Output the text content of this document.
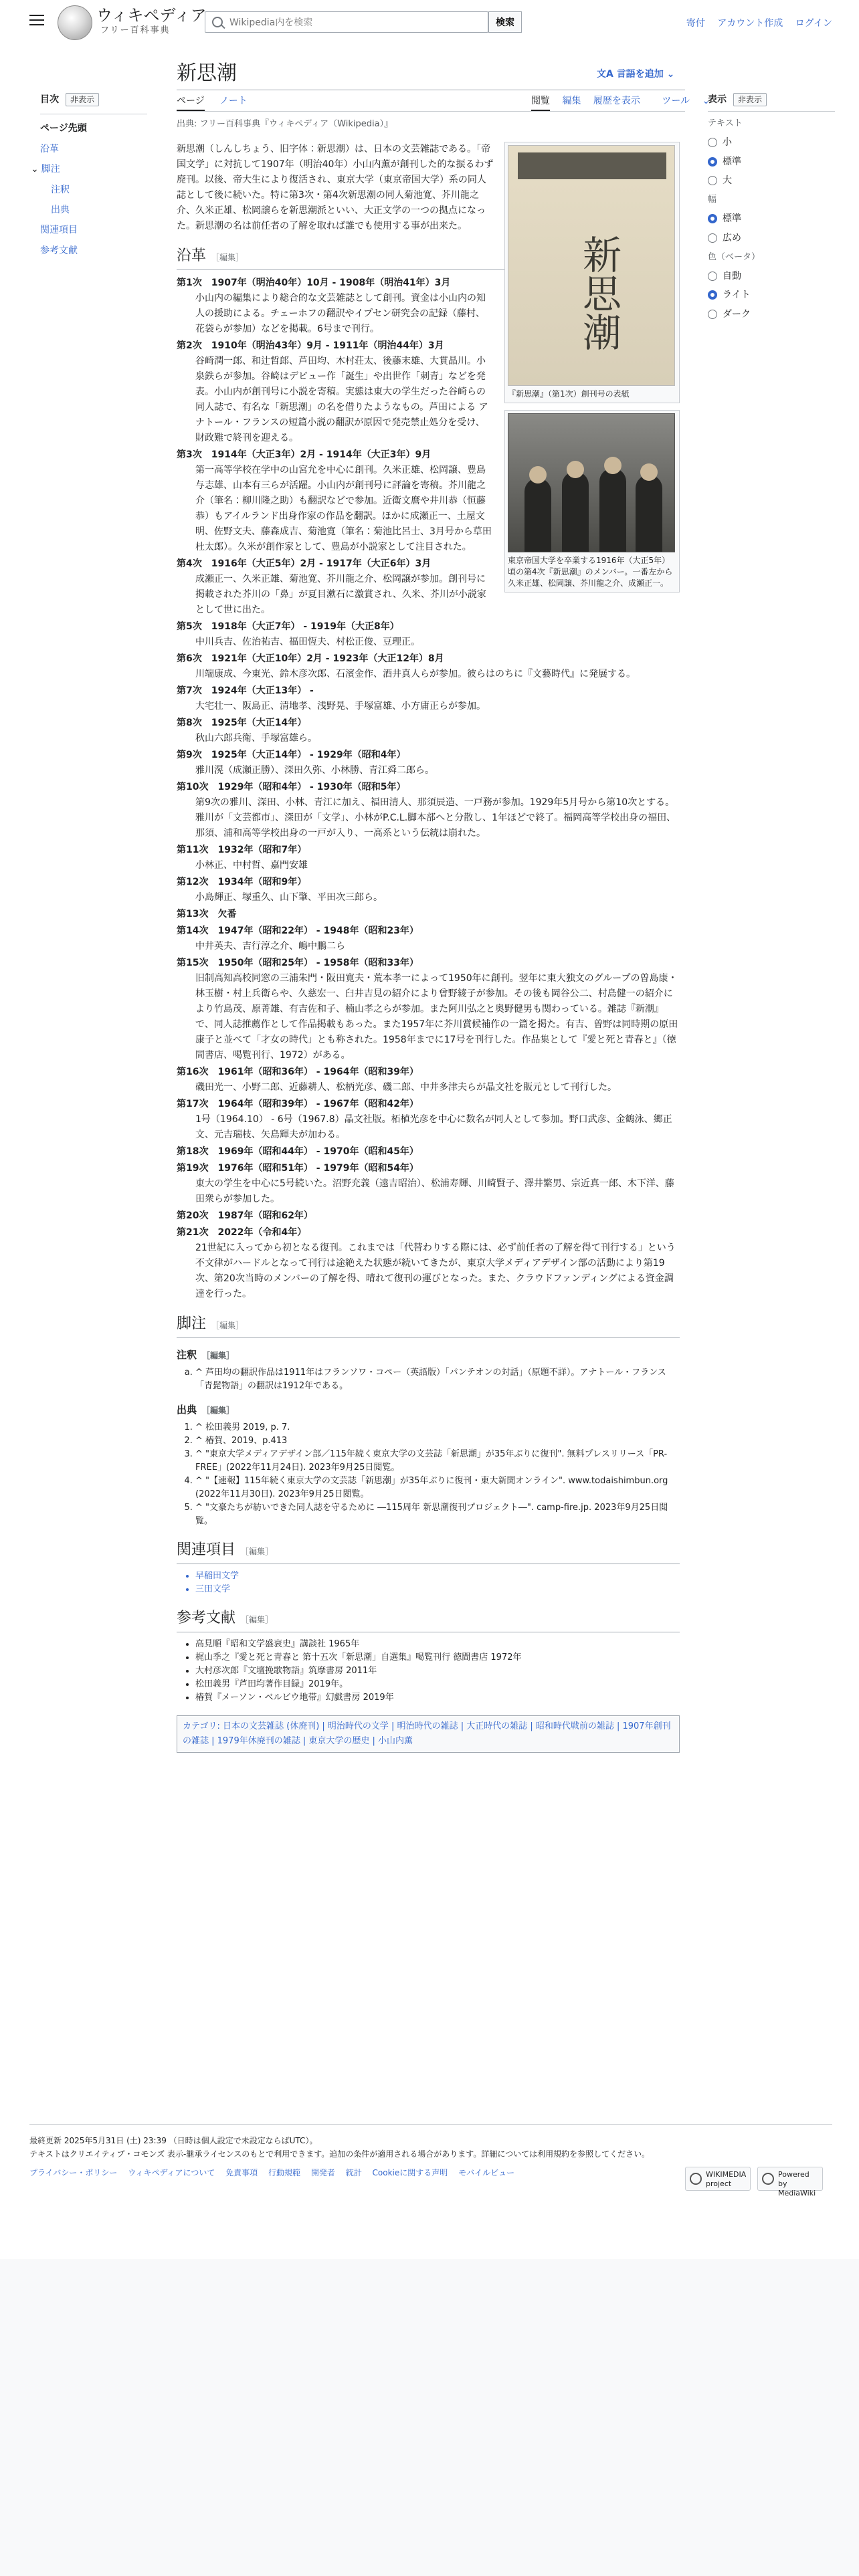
ウィキペディア
フリー百科事典
Wikipedia内を検索
検索	寄付 アカウント作成 ログイン
目次 非表示
ページ先頭
沿革
⌄ 脚注
注釈
出典
関連項目
参考文献
新思潮	文A 言語を追加 ⌄
ページ ノート	閲覧 編集 履歴を表示 ツール ⌄
出典: フリー百科事典『ウィキペディア（Wikipedia）』
表示 非表示
テキスト
小
標準
大
幅
標準
広め
色（ベータ）
自動
ライト
ダーク
新思潮
『新思潮』（第1次）創刊号の表紙
東京帝国大学を卒業する1916年（大正5年）頃の第4次『新思潮』のメンバー。一番左から久米正雄、松岡譲、芥川龍之介、成瀬正一。

新思潮（しんしちょう、旧字体：新思潮）は、日本の文芸雑誌である。「帝国文学」に対抗して1907年（明治40年）小山内薫が創刊した的な振るわず廃刊。以後、帝大生により復活され、東京大学（東京帝国大学）系の同人誌として後に続いた。特に第3次・第4次新思潮の同人菊池寛、芥川龍之介、久米正雄、松岡譲らを新思潮派といい、大正文学の一つの拠点になった。新思潮の名は前任者の了解を取れば誰でも使用する事が出来た。

沿革 ［編集］
第1次　1907年（明治40年）10月 - 1908年（明治41年）3月
小山内の編集により総合的な文芸雑誌として創刊。資金は小山内の知人の援助による。チェーホフの翻訳やイプセン研究会の記録（藤村、花袋らが参加）などを掲載。6号まで刊行。
第2次　1910年（明治43年）9月 - 1911年（明治44年）3月
谷崎潤一郎、和辻哲郎、芦田均、木村荘太、後藤末雄、大貫晶川。小泉鉄らが参加。谷崎はデビュー作「誕生」や出世作「刺青」などを発表。小山内が創刊号に小説を寄稿。実態は東大の学生だった谷崎らの同人誌で、有名な「新思潮」の名を借りたようなもの。芦田による アナトール・フランスの短篇小説の翻訳が原因で発売禁止処分を受け、財政難で終刊を迎える。
第3次　1914年（大正3年）2月 - 1914年（大正3年）9月
第一高等学校在学中の山宮允を中心に創刊。久米正雄、松岡譲、豊島与志雄、山本有三らが活躍。小山内が創刊号に評論を寄稿。芥川龍之介（筆名：柳川隆之助）も翻訳などで参加。近衛文麿や井川恭（恒藤恭）もアイルランド出身作家の作品を翻訳。ほかに成瀬正一、土屋文明、佐野文夫、藤森成吉、菊池寛（筆名：菊池比呂士、3月号から草田杜太郎）。久米が創作家として、豊島が小説家として注目された。
第4次　1916年（大正5年）2月 - 1917年（大正6年）3月
成瀬正一、久米正雄、菊池寛、芥川龍之介、松岡譲が参加。創刊号に掲載された芥川の「鼻」が夏目漱石に激賞され、久米、芥川が小説家として世に出た。
第5次　1918年（大正7年） - 1919年（大正8年）
中川兵吉、佐治祐吉、福田恆夫、村松正俊、豆理正。
第6次　1921年（大正10年）2月 - 1923年（大正12年）8月
川端康成、今東光、鈴木彦次郎、石濱金作、酒井真人らが参加。彼らはのちに『文藝時代』に発展する。
第7次　1924年（大正13年） -
大宅壮一、阪島正、清地孝、浅野晃、手塚富雄、小方庸正らが参加。
第8次　1925年（大正14年）
秋山六郎兵衛、手塚富雄ら。
第9次　1925年（大正14年） - 1929年（昭和4年）
雅川滉（成瀬正勝）、深田久弥、小林勝、青江舜二郎ら。
第10次　1929年（昭和4年） - 1930年（昭和5年）
第9次の雅川、深田、小林、青江に加え、福田清人、那須辰造、一戸務が参加。1929年5月号から第10次とする。雅川が「文芸都市」、深田が「文学」、小林がP.C.L.脚本部へと分散し、1年ほどで終了。福岡高等学校出身の福田、那須、浦和高等学校出身の一戸が入り、一高系という伝統は崩れた。
第11次　1932年（昭和7年）
小林正、中村哲、嘉門安雄
第12次　1934年（昭和9年）
小島輝正、塚重久、山下肇、平田次三郎ら。
第13次　欠番
第14次　1947年（昭和22年） - 1948年（昭和23年）
中井英夫、吉行淳之介、嶋中鵬二ら
第15次　1950年（昭和25年） - 1958年（昭和33年）
旧制高知高校同窓の三浦朱門・阪田寛夫・荒本孝一によって1950年に創刊。翌年に東大独文のグループの曽島康・林玉樹・村上兵衛らや、久慈宏一、臼井吉見の紹介により曾野綾子が参加。その後も岡谷公二、村島健一の紹介により竹島茂、原菁雄、有吉佐和子、楠山孝之らが参加。また阿川弘之と奥野健男も関わっている。雑誌『新潮』で、同人誌推薦作として作品掲載もあった。また1957年に芥川賞候補作の一篇を掲た。有吉、曽野は同時期の原田康子と並べて「才女の時代」とも称された。1958年までに17号を刊行した。作品集として『愛と死と青春と』（徳間書店、喝覧刊行、1972）がある。
第16次　1961年（昭和36年） - 1964年（昭和39年）
磯田光一、小野二郎、近藤耕人、松柄光彦、磯二郎、中井多津夫らが晶文社を販元として刊行した。
第17次　1964年（昭和39年） - 1967年（昭和42年）
1号（1964.10） - 6号（1967.8）晶文社版。柘植光彦を中心に数名が同人として参加。野口武彦、金鶴泳、郷正文、元吉瑞枝、矢島輝夫が加わる。
第18次　1969年（昭和44年） - 1970年（昭和45年）
第19次　1976年（昭和51年） - 1979年（昭和54年）
東大の学生を中心に5号続いた。沼野充義（遠吉昭治）、松浦寿輝、川崎賢子、澤井繁男、宗近真一郎、木下洋、藤田衆らが参加した。
第20次　1987年（昭和62年）
第21次　2022年（令和4年）
21世紀に入ってから初となる復刊。これまでは「代替わりする際には、必ず前任者の了解を得て刊行する」という不文律がハードルとなって刊行は途絶えた状態が続いてきたが、東京大学メディアデザイン部の活動により第19次、第20次当時のメンバーの了解を得、晴れて復刊の運びとなった。また、クラウドファンディングによる資金調達を行った。
脚注 ［編集］
注釈 ［編集］
a. ^ 芦田均の翻訳作品は1911年はフランソワ・コペー（英語版）「パンテオンの対話」（原題不詳）。アナトール・フランス「青髭物語」の翻訳は1912年である。
出典 ［編集］
1. ^ 松田義男 2019, p. 7.
2. ^ 椿賀、2019、p.413
3. ^ "東京大学メディアデザイン部／115年続く東京大学の文芸誌「新思潮」が35年ぶりに復刊". 無料プレスリリース「PR-FREE」(2022年11月24日). 2023年9月25日閲覧。
4. ^ "【速報】115年続く東京大学の文芸誌「新思潮」が35年ぶりに復刊・東大新聞オンライン". www.todaishimbun.org (2022年11月30日). 2023年9月25日閲覧。
5. ^ "文豪たちが紡いできた同人誌を守るために ―115周年 新思潮復刊プロジェクト―". camp-fire.jp. 2023年9月25日閲覧。
関連項目 ［編集］
• 早稲田文学
• 三田文学
参考文献 ［編集］
• 高見順『昭和文学盛衰史』講談社 1965年
• 梶山季之『愛と死と青春と 第十五次「新思潮」自選集』喝覧刊行 徳間書店 1972年
• 大村彦次郎『文壇挽歌物語』筑摩書房 2011年
• 松田義男『芦田均著作目録』2019年。
• 椿賀『メーソン・ベルビウ地帯』幻戯書房 2019年
カテゴリ: 日本の文芸雑誌 (休廃刊) | 明治時代の文学 | 明治時代の雑誌 | 大正時代の雑誌 | 昭和時代戦前の雑誌 | 1907年創刊の雑誌 | 1979年休廃刊の雑誌 | 東京大学の歴史 | 小山内薫
最終更新 2025年5月31日 (土) 23:39 （日時は個人設定で未設定ならばUTC）。
テキストはクリエイティブ・コモンズ 表示-継承ライセンスのもとで利用できます。追加の条件が適用される場合があります。詳細については利用規約を参照してください。
プライバシー・ポリシー ウィキペディアについて 免責事項 行動規範 開発者 統計 Cookieに関する声明 モバイルビュー	WIKIMEDIA project
Powered by MediaWiki
